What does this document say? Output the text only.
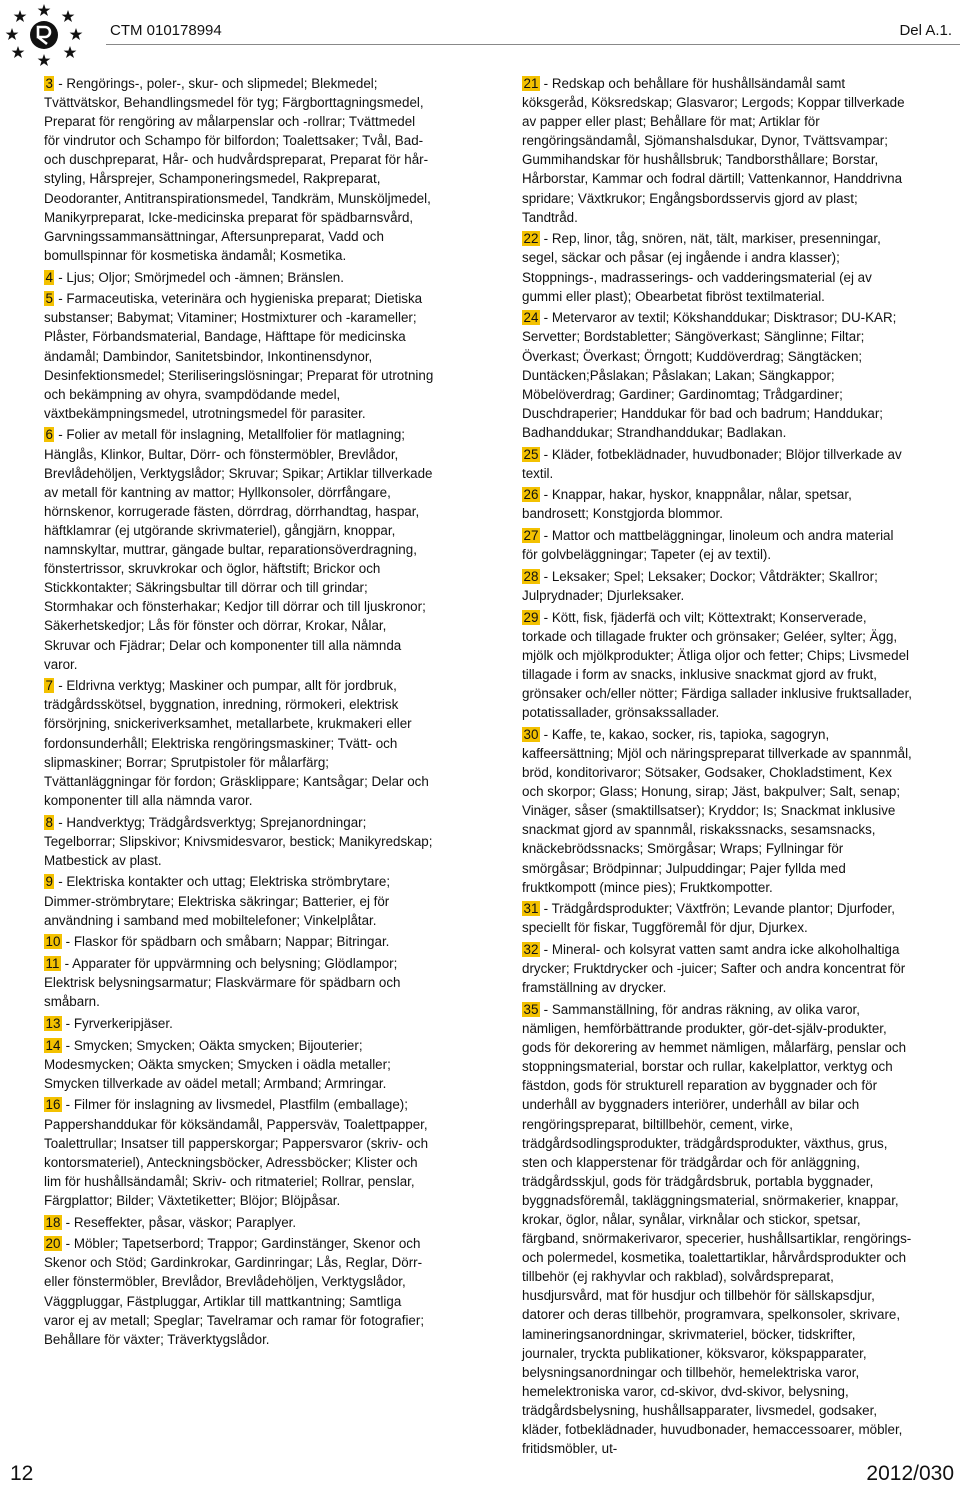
CTM 010178994	Del A.1.

3 - Rengörings-, poler-, skur- och slipmedel; Blekmedel; Tvättvätskor, Behandlingsmedel för tyg; Färgborttagningsmedel, Preparat för rengöring av målarpenslar och -rollrar; Tvättmedel för vindrutor och Schampo för bilfordon; Toalettsaker; Tvål, Bad- och duschpreparat, Hår- och hudvårdspreparat, Preparat för hår-styling, Hårsprejer, Schamponeringsmedel, Rakpreparat, Deodoranter, Antitranspirationsmedel, Tandkräm, Munsköljmedel, Manikyrpreparat, Icke-medicinska preparat för spädbarnsvård, Garvningssammansättningar, Aftersunpreparat, Vadd och bomullspinnar för kosmetiska ändamål; Kosmetika.

4 - Ljus; Oljor; Smörjmedel och -ämnen; Bränslen.

5 - Farmaceutiska, veterinära och hygieniska preparat; Dietiska substanser; Babymat; Vitaminer; Hostmixturer och -karameller; Plåster, Förbandsmaterial, Bandage, Häfttape för medicinska ändamål; Dambindor, Sanitetsbindor, Inkontinensdynor, Desinfektionsmedel; Steriliseringslösningar; Preparat för utrotning och bekämpning av ohyra, svampdödande medel, växtbekämpningsmedel, utrotningsmedel för parasiter.

6 - Folier av metall för inslagning, Metallfolier för matlagning; Hänglås, Klinkor, Bultar, Dörr- och fönstermöbler, Brevlådor, Brevlådehöljen, Verktygslådor; Skruvar; Spikar; Artiklar tillverkade av metall för kantning av mattor; Hyllkonsoler, dörrfångare, hörnskenor, korrugerade fästen, dörrdrag, dörrhandtag, haspar, häftklamrar (ej utgörande skrivmateriel), gångjärn, knoppar, namnskyltar, muttrar, gängade bultar, reparationsöverdragning, fönstertrissor, skruvkrokar och öglor, häftstift; Brickor och Stickkontakter; Säkringsbultar till dörrar och till grindar; Stormhakar och fönsterhakar; Kedjor till dörrar och till ljuskronor; Säkerhetskedjor; Lås för fönster och dörrar, Krokar, Nålar, Skruvar och Fjädrar; Delar och komponenter till alla nämnda varor.

7 - Eldrivna verktyg; Maskiner och pumpar, allt för jordbruk, trädgårdsskötsel, byggnation, inredning, rörmokeri, elektrisk försörjning, snickeriverksamhet, metallarbete, krukmakeri eller fordonsunderhåll; Elektriska rengöringsmaskiner; Tvätt- och slipmaskiner; Borrar; Sprutpistoler för målarfärg; Tvättanläggningar för fordon; Gräsklippare; Kantsågar; Delar och komponenter till alla nämnda varor.

8 - Handverktyg; Trädgårdsverktyg; Sprejanordningar; Tegelborrar; Slipskivor; Knivsmidesvaror, bestick; Manikyredskap; Matbestick av plast.

9 - Elektriska kontakter och uttag; Elektriska strömbrytare; Dimmer-strömbrytare; Elektriska säkringar; Batterier, ej för användning i samband med mobiltelefoner; Vinkelplåtar.

10 - Flaskor för spädbarn och småbarn; Nappar; Bitringar.

11 - Apparater för uppvärmning och belysning; Glödlampor; Elektrisk belysningsarmatur; Flaskvärmare för spädbarn och småbarn.

13 - Fyrverkeripjäser.

14 - Smycken; Smycken; Oäkta smycken; Bijouterier; Modesmycken; Oäkta smycken; Smycken i oädla metaller; Smycken tillverkade av oädel metall; Armband; Armringar.

16 - Filmer för inslagning av livsmedel, Plastfilm (emballage); Pappershanddukar för köksändamål, Pappersväv, Toalettpapper, Toalettrullar; Insatser till papperskorgar; Pappersvaror (skriv- och kontorsmateriel), Anteckningsböcker, Adressböcker; Klister och lim för hushållsändamål; Skriv- och ritmateriel; Rollrar, penslar, Färgplattor; Bilder; Växtetiketter; Blöjor; Blöjpåsar.

18 - Reseffekter, påsar, väskor; Paraplyer.

20 - Möbler; Tapetserbord; Trappor; Gardinstänger, Skenor och Skenor och Stöd; Gardinkrokar, Gardinringar; Lås, Reglar, Dörr- eller fönstermöbler, Brevlådor, Brevlådehöljen, Verktygslådor, Väggpluggar, Fästpluggar, Artiklar till mattkantning; Samtliga varor ej av metall; Speglar; Tavelramar och ramar för fotografier; Behållare för växter; Träverktygslådor.

21 - Redskap och behållare för hushållsändamål samt köksgeråd, Köksredskap; Glasvaror; Lergods; Koppar tillverkade av papper eller plast; Behållare för mat; Artiklar för rengöringsändamål, Sjömanshalsdukar, Dynor, Tvättsvampar; Gummihandskar för hushållsbruk; Tandborsthållare; Borstar, Hårborstar, Kammar och fodral därtill; Vattenkannor, Handdrivna spridare; Växtkrukor; Engångsbordsservis gjord av plast; Tandtråd.

22 - Rep, linor, tåg, snören, nät, tält, markiser, presenningar, segel, säckar och påsar (ej ingående i andra klasser); Stoppnings-, madrasserings- och vadderingsmaterial (ej av gummi eller plast); Obearbetat fibröst textilmaterial.

24 - Metervaror av textil; Kökshanddukar; Disktrasor; DU-KAR; Servetter; Bordstabletter; Sängöverkast; Sänglinne; Filtar; Överkast; Överkast; Örngott; Kuddöverdrag; Sängtäcken; Duntäcken;Påslakan; Påslakan; Lakan; Sängkappor; Möbelöverdrag; Gardiner; Gardinomtag; Trådgardiner; Duschdraperier; Handdukar för bad och badrum; Handdukar; Badhanddukar; Strandhanddukar; Badlakan.

25 - Kläder, fotbeklädnader, huvudbonader; Blöjor tillverkade av textil.

26 - Knappar, hakar, hyskor, knappnålar, nålar, spetsar, bandrosett; Konstgjorda blommor.

27 - Mattor och mattbeläggningar, linoleum och andra material för golvbeläggningar; Tapeter (ej av textil).

28 - Leksaker; Spel; Leksaker; Dockor; Våtdräkter; Skallror; Julprydnader; Djurleksaker.

29 - Kött, fisk, fjäderfä och vilt; Köttextrakt; Konserverade, torkade och tillagade frukter och grönsaker; Geléer, sylter; Ägg, mjölk och mjölkprodukter; Ätliga oljor och fetter; Chips; Livsmedel tillagade i form av snacks, inklusive snackmat gjord av frukt, grönsaker och/eller nötter; Färdiga sallader inklusive fruktsallader, potatissallader, grönsakssallader.

30 - Kaffe, te, kakao, socker, ris, tapioka, sagogryn, kaffeersättning; Mjöl och näringspreparat tillverkade av spannmål, bröd, konditorivaror; Sötsaker, Godsaker, Chokladstiment, Kex och skorpor; Glass; Honung, sirap; Jäst, bakpulver; Salt, senap; Vinäger, såser (smaktillsatser); Kryddor; Is; Snackmat inklusive snackmat gjord av spannmål, riskakssnacks, sesamsnacks, knäckebrödssnacks; Smörgåsar; Wraps; Fyllningar för smörgåsar; Brödpinnar; Julpuddingar; Pajer fyllda med fruktkompott (mince pies); Fruktkompotter.

31 - Trädgårdsprodukter; Växtfrön; Levande plantor; Djurfoder, speciellt för fiskar, Tuggföremål för djur, Djurkex.

32 - Mineral- och kolsyrat vatten samt andra icke alkoholhaltiga drycker; Fruktdrycker och -juicer; Safter och andra koncentrat för framställning av drycker.

35 - Sammanställning, för andras räkning, av olika varor, nämligen, hemförbättrande produkter, gör-det-själv-produkter, gods för dekorering av hemmet nämligen, målarfärg, penslar och stoppningsmaterial, borstar och rullar, kakelplattor, verktyg och fästdon, gods för strukturell reparation av byggnader och för underhåll av byggnaders interiörer, underhåll av bilar och rengöringspreparat, biltillbehör, cement, virke, trädgårdsodlingsprodukter, trädgårdsprodukter, växthus, grus, sten och klapperstenar för trädgårdar och för anläggning, trädgårdsskjul, gods för trädgårdsbruk, portabla byggnader, byggnadsföremål, takläggningsmaterial, snörmakerier, knappar, krokar, öglor, nålar, synålar, virknålar och stickor, spetsar, färgband, snörmakerivaror, specerier, hushållsartiklar, rengörings- och polermedel, kosmetika, toalettartiklar, hårvårdsprodukter och tillbehör (ej rakhyvlar och rakblad), solvårdspreparat, husdjursvård, mat för husdjur och tillbehör för sällskapsdjur, datorer och deras tillbehör, programvara, spelkonsoler, skrivare, lamineringsanordningar, skrivmateriel, böcker, tidskrifter, journaler, tryckta publikationer, köksvaror, kökspapparater, belysningsanordningar och tillbehör, hemelektriska varor, hemelektroniska varor, cd-skivor, dvd-skivor, belysning, trädgårdsbelysning, hushållsapparater, livsmedel, godsaker, kläder, fotbeklädnader, huvudbonader, hemaccessoarer, möbler, fritidsmöbler, ut-

12	2012/030
